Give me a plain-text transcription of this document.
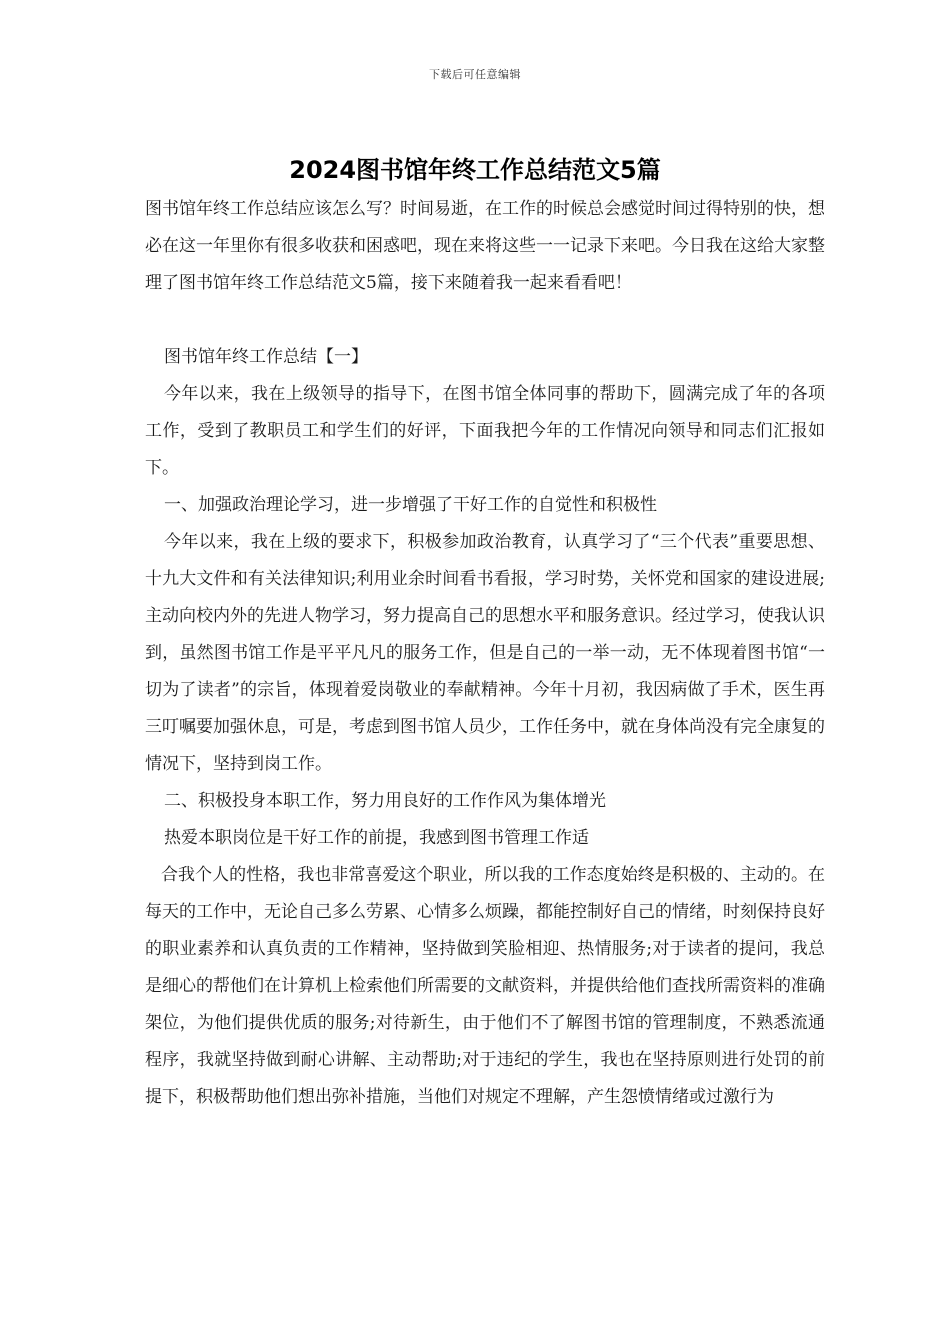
下载后可任意编辑
2024图书馆年终工作总结范文5篇

图书馆年终工作总结应该怎么写？时间易逝，在工作的时候总会感觉时间过得特别的快，想必在这一年里你有很多收获和困惑吧，现在来将这些一一记录下来吧。今日我在这给大家整理了图书馆年终工作总结范文5篇，接下来随着我一起来看看吧！

图书馆年终工作总结【一】

今年以来，我在上级领导的指导下，在图书馆全体同事的帮助下，圆满完成了年的各项工作，受到了教职员工和学生们的好评，下面我把今年的工作情况向领导和同志们汇报如下。

一、加强政治理论学习，进一步增强了干好工作的自觉性和积极性

今年以来，我在上级的要求下，积极参加政治教育，认真学习了“三个代表”重要思想、十九大文件和有关法律知识;利用业余时间看书看报，学习时势，关怀党和国家的建设进展;主动向校内外的先进人物学习，努力提高自己的思想水平和服务意识。经过学习，使我认识到，虽然图书馆工作是平平凡凡的服务工作，但是自己的一举一动，无不体现着图书馆“一切为了读者”的宗旨，体现着爱岗敬业的奉献精神。今年十月初，我因病做了手术，医生再三叮嘱要加强休息，可是，考虑到图书馆人员少，工作任务中，就在身体尚没有完全康复的情况下，坚持到岗工作。

二、积极投身本职工作，努力用良好的工作作风为集体增光

热爱本职岗位是干好工作的前提，我感到图书管理工作适

合我个人的性格，我也非常喜爱这个职业，所以我的工作态度始终是积极的、主动的。在每天的工作中，无论自己多么劳累、心情多么烦躁，都能控制好自己的情绪，时刻保持良好的职业素养和认真负责的工作精神，坚持做到笑脸相迎、热情服务;对于读者的提问，我总是细心的帮他们在计算机上检索他们所需要的文献资料，并提供给他们查找所需资料的准确架位，为他们提供优质的服务;对待新生，由于他们不了解图书馆的管理制度，不熟悉流通程序，我就坚持做到耐心讲解、主动帮助;对于违纪的学生，我也在坚持原则进行处罚的前提下，积极帮助他们想出弥补措施，当他们对规定不理解，产生怨愤情绪或过激行为
